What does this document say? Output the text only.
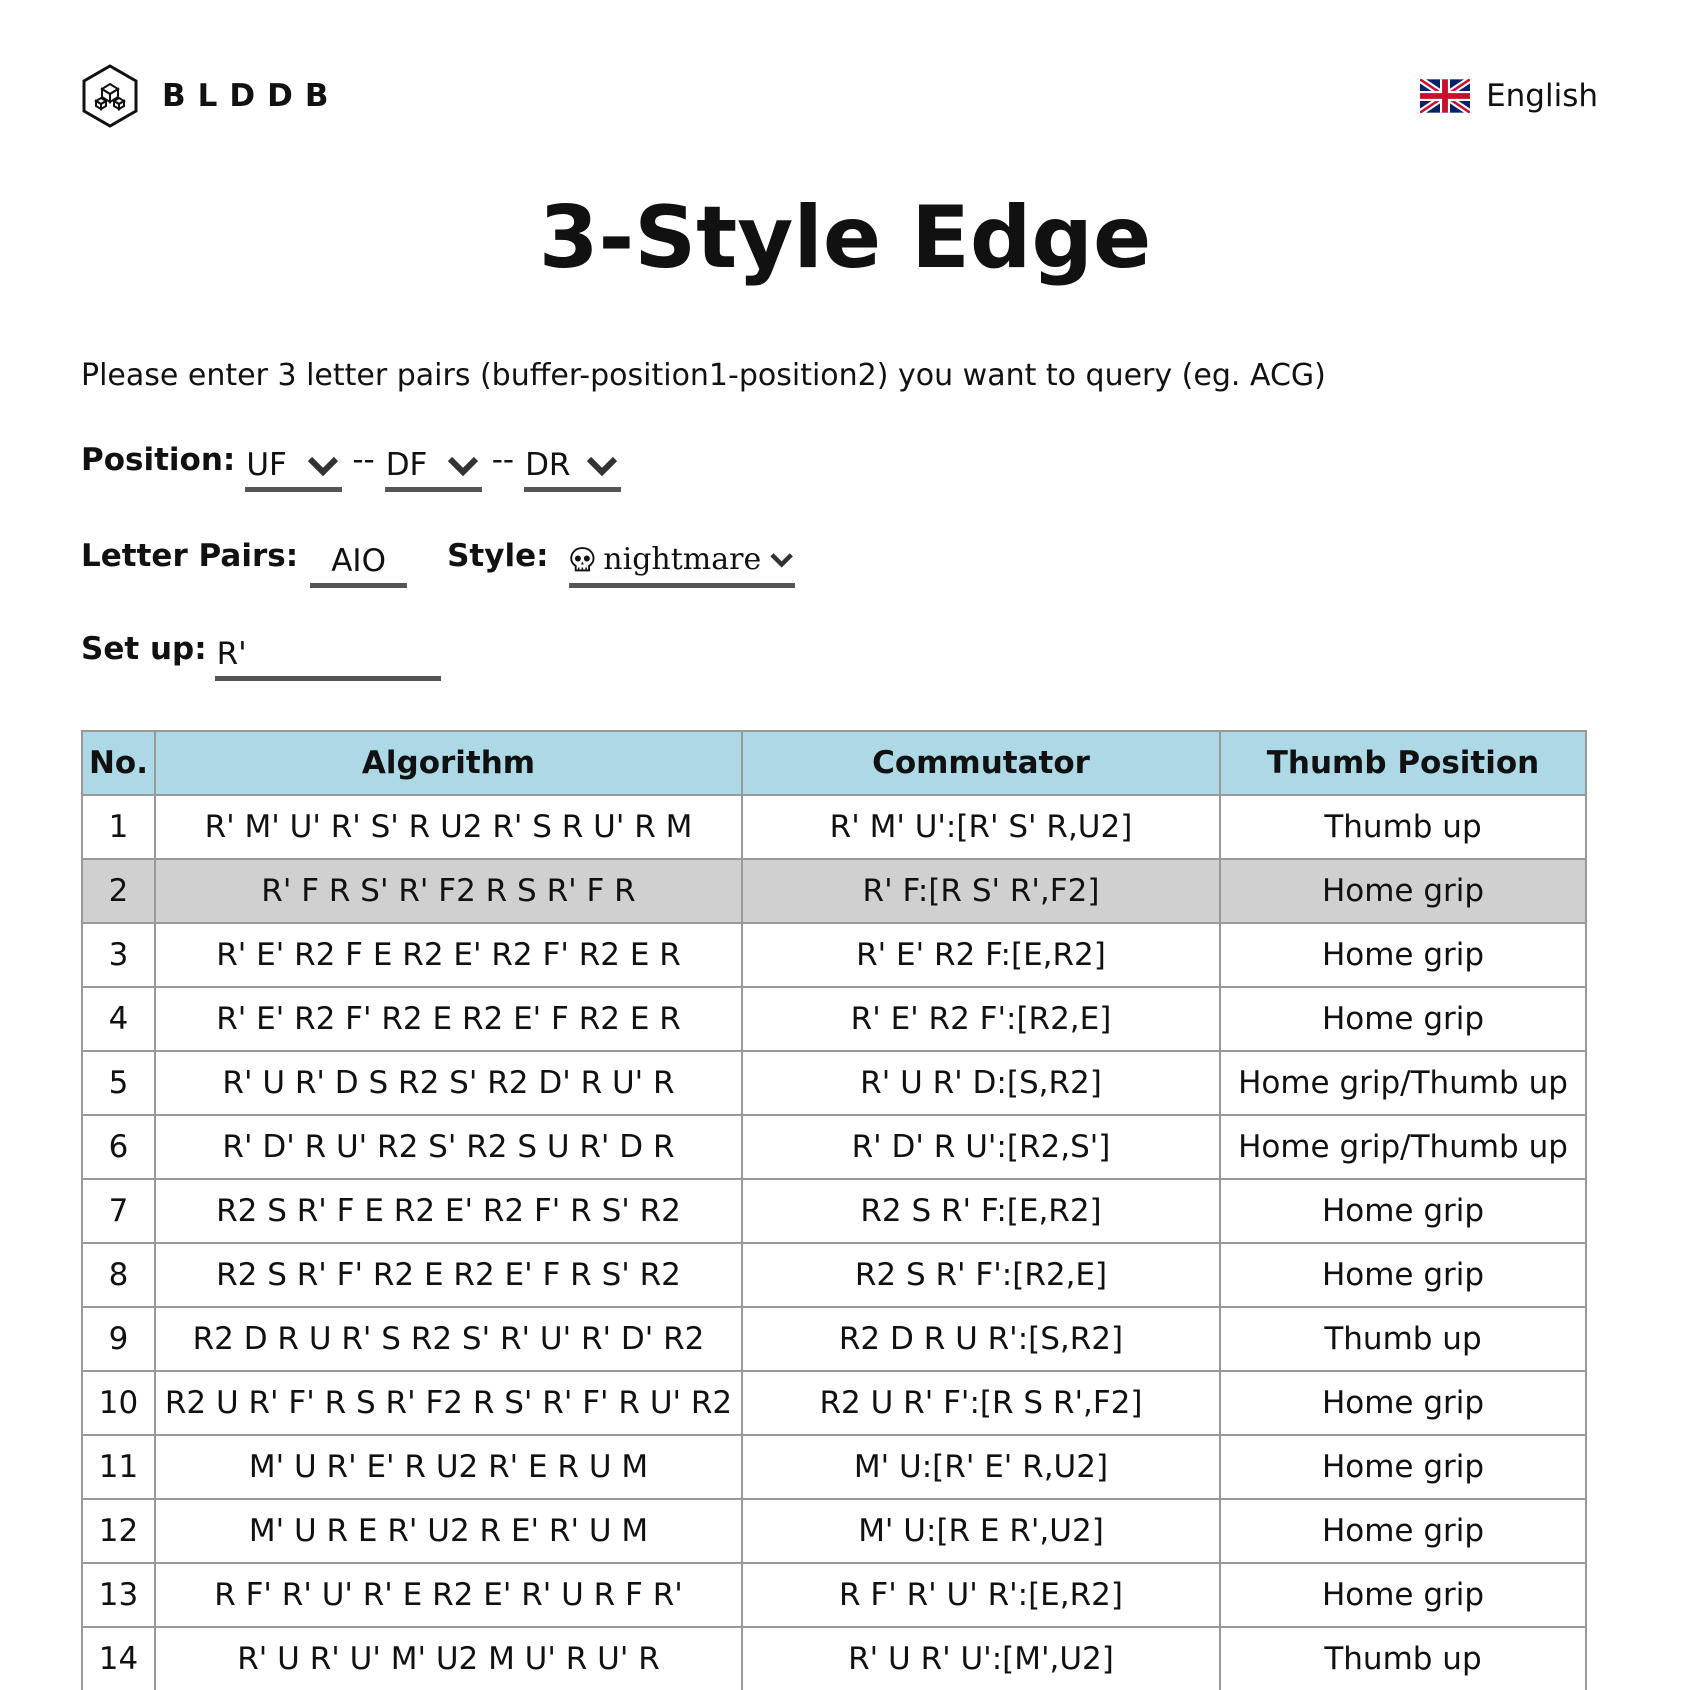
BLDDB	English
3-Style Edge

Please enter 3 letter pairs (buffer-position1-position2) you want to query (eg. ACG)

Position: UF	-- DF	-- DR
Letter Pairs:	AIO	Style : nightmare
Set up: R'
No.	Algorithm	Commutator	Thumb Position
1	R' M' U' R' S' R U2 R' S R U' R M	R' M' U':[R' S' R,U2]	Thumb up
2	R' F R S' R' F2 R S R' F R	R' F:[R S' R',F2]	Home grip
3	R' E' R2 F E R2 E' R2 F' R2 E R	R' E' R2 F:[E,R2]	Home grip
4	R' E' R2 F' R2 E R2 E' F R2 E R	R' E' R2 F':[R2,E]	Home grip
5	R' U R' D S R2 S' R2 D' R U' R	R' U R' D:[S,R2]	Home grip/Thumb up
6	R' D' R U' R2 S' R2 S U R' D R	R' D' R U':[R2,S']	Home grip/Thumb up
7	R2 S R' F E R2 E' R2 F' R S' R2	R2 S R' F:[E,R2]	Home grip
8	R2 S R' F' R2 E R2 E' F R S' R2	R2 S R' F':[R2,E]	Home grip
9	R2 D R U R' S R2 S' R' U' R' D' R2	R2 D R U R':[S,R2]	Thumb up
10	R2 U R' F' R S R' F2 R S' R' F' R U' R2	R2 U R' F':[R S R',F2]	Home grip
11	M' U R' E' R U2 R' E R U M	M' U:[R' E' R,U2]	Home grip
12	M' U R E R' U2 R E' R' U M	M' U:[R E R',U2]	Home grip
13	R F' R' U' R' E R2 E' R' U R F R'	R F' R' U' R':[E,R2]	Home grip
14	R' U R' U' M' U2 M U' R U' R	R' U R' U':[M',U2]	Thumb up
